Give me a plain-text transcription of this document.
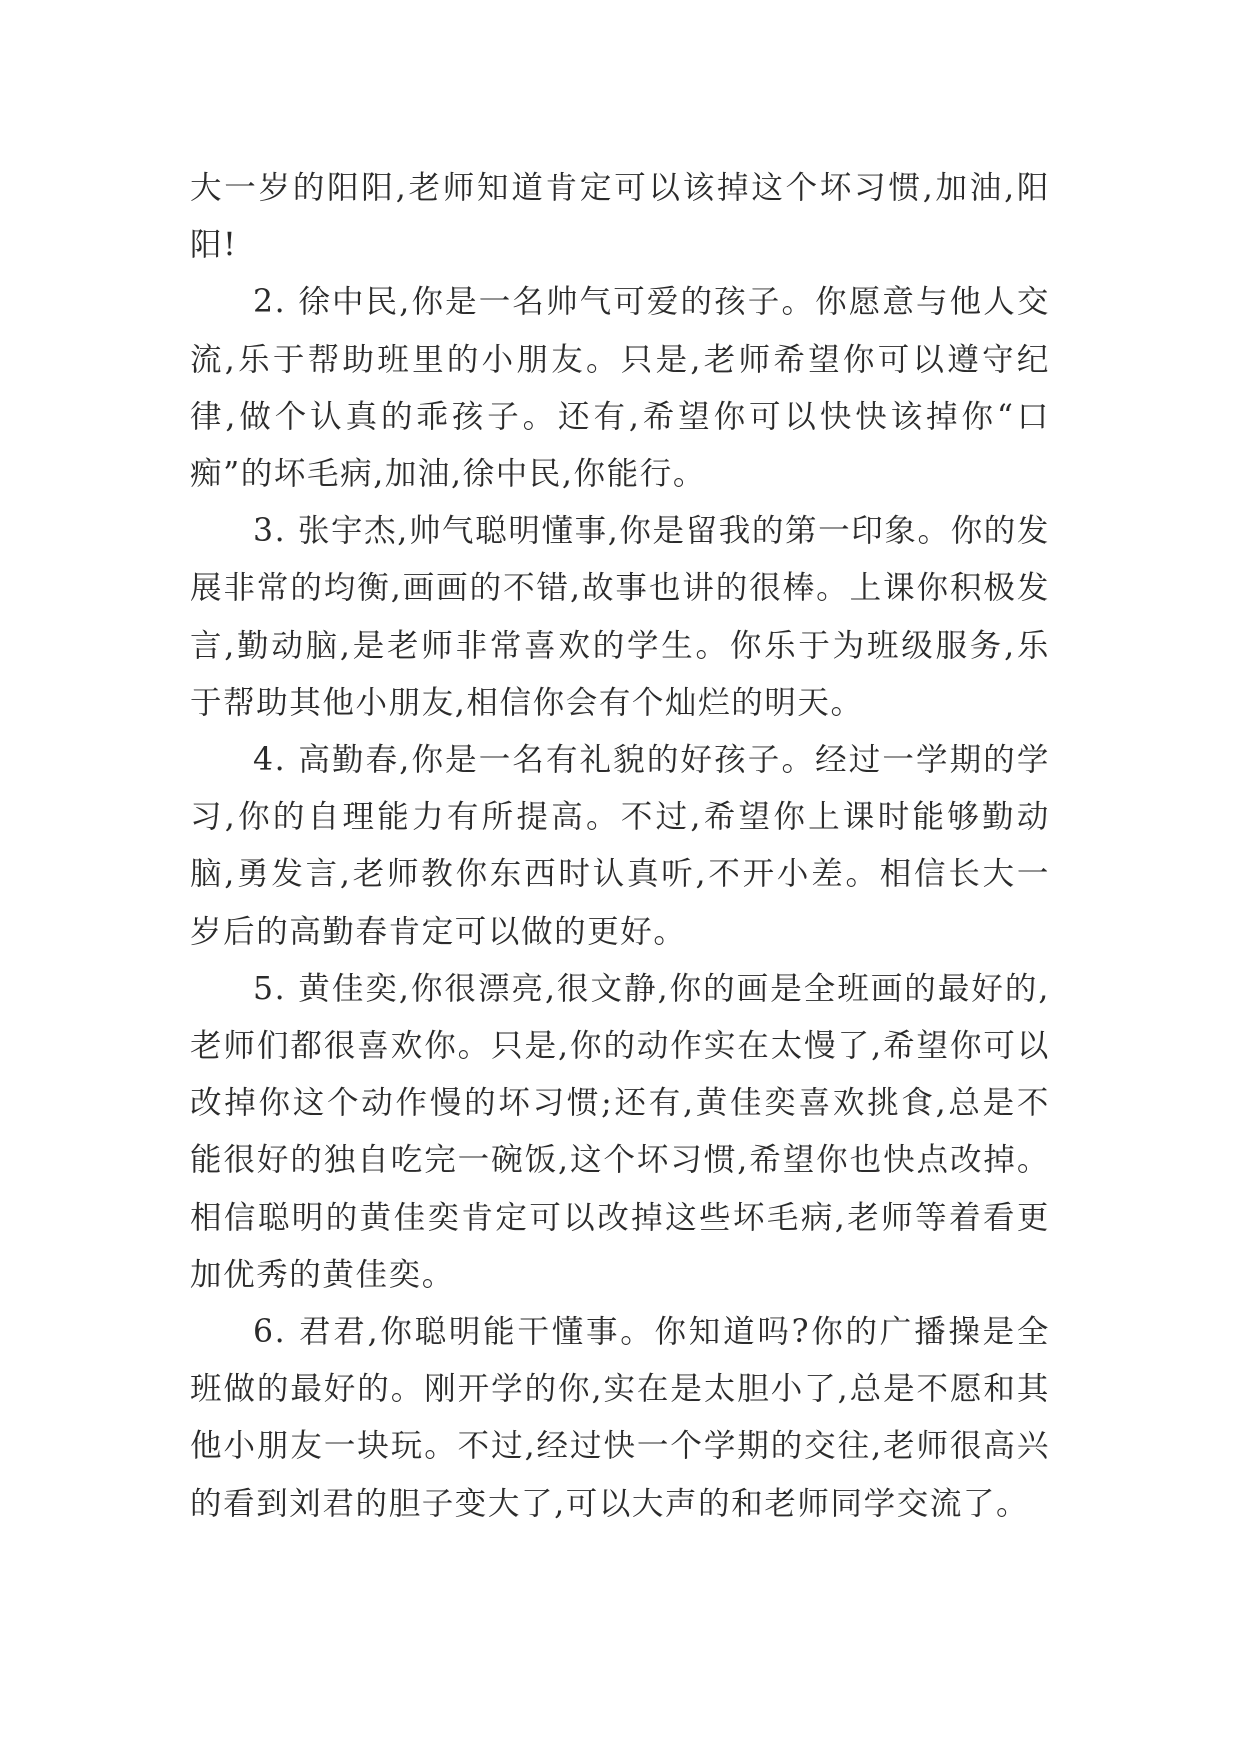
大一岁的阳阳,老师知道肯定可以该掉这个坏习惯,加油,阳阳!

2. 徐中民,你是一名帅气可爱的孩子。你愿意与他人交流,乐于帮助班里的小朋友。只是,老师希望你可以遵守纪律,做个认真的乖孩子。还有,希望你可以快快该掉你“口痴”的坏毛病,加油,徐中民,你能行。

3. 张宇杰,帅气聪明懂事,你是留我的第一印象。你的发展非常的均衡,画画的不错,故事也讲的很棒。上课你积极发言,勤动脑,是老师非常喜欢的学生。你乐于为班级服务,乐于帮助其他小朋友,相信你会有个灿烂的明天。

4. 高勤春,你是一名有礼貌的好孩子。经过一学期的学习,你的自理能力有所提高。不过,希望你上课时能够勤动脑,勇发言,老师教你东西时认真听,不开小差。相信长大一岁后的高勤春肯定可以做的更好。

5. 黄佳奕,你很漂亮,很文静,你的画是全班画的最好的,老师们都很喜欢你。只是,你的动作实在太慢了,希望你可以改掉你这个动作慢的坏习惯;还有,黄佳奕喜欢挑食,总是不能很好的独自吃完一碗饭,这个坏习惯,希望你也快点改掉。相信聪明的黄佳奕肯定可以改掉这些坏毛病,老师等着看更加优秀的黄佳奕。

6. 君君,你聪明能干懂事。你知道吗?你的广播操是全班做的最好的。刚开学的你,实在是太胆小了,总是不愿和其他小朋友一块玩。不过,经过快一个学期的交往,老师很高兴的看到刘君的胆子变大了,可以大声的和老师同学交流了。
